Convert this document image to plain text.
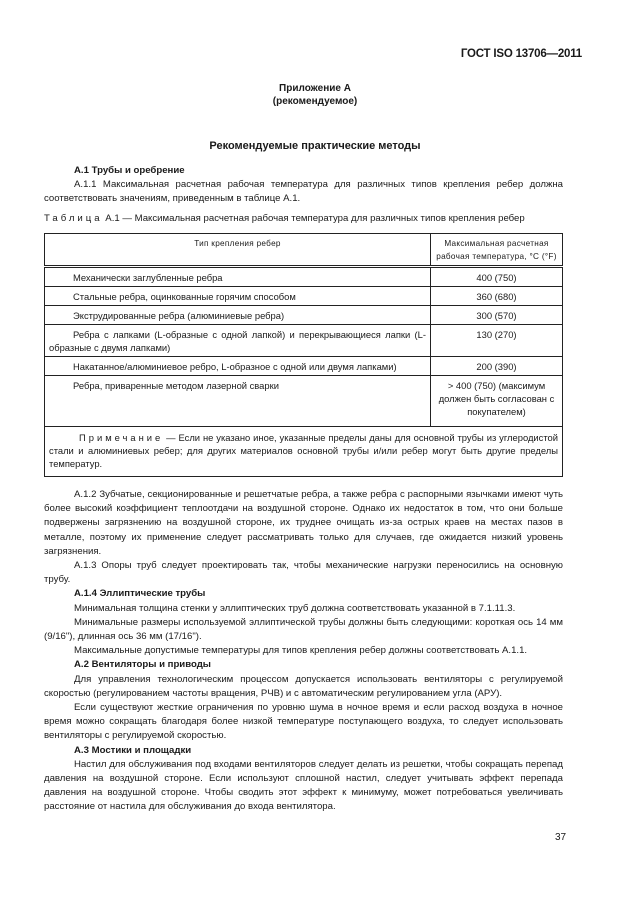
ГОСТ ISO 13706—2011
Приложение А
(рекомендуемое)
Рекомендуемые практические методы

А.1 Трубы и оребрение

А.1.1 Максимальная расчетная рабочая температура для различных типов крепления ребер должна соответствовать значениям, приведенным в таблице А.1.

Таблица А.1 — Максимальная расчетная рабочая температура для различных типов крепления ребер
Тип крепления ребер	Максимальная расчетная рабочая температура, °С (°F)
Механически заглубленные ребра	400 (750)
Стальные ребра, оцинкованные горячим способом	360 (680)
Экструдированные ребра (алюминиевые ребра)	300 (570)
Ребра с лапками (L-образные с одной лапкой) и перекрывающиеся лапки (L-образные с двумя лапками)	130 (270)
Накатанное/алюминиевое ребро, L-образное с одной или двумя лапками)	200 (390)
Ребра, приваренные методом лазерной сварки	> 400 (750) (максимум должен быть согласован с покупателем)
Примечание — Если не указано иное, указанные пределы даны для основной трубы из углеродистой стали и алюминиевых ребер; для других материалов основной трубы и/или ребер могут быть другие пределы температур.	

А.1.2 Зубчатые, секционированные и решетчатые ребра, а также ребра с распорными язычками имеют чуть более высокий коэффициент теплоотдачи на воздушной стороне. Однако их недостаток в том, что они больше подвержены загрязнению на воздушной стороне, их труднее очищать из-за острых краев на местах пазов в металле, поэтому их применение следует рассматривать только для случаев, где ожидается низкий уровень загрязнения.

А.1.3 Опоры труб следует проектировать так, чтобы механические нагрузки переносились на основную трубу.

А.1.4 Эллиптические трубы

Минимальная толщина стенки у эллиптических труб должна соответствовать указанной в 7.1.11.3.

Минимальные размеры используемой эллиптической трубы должны быть следующими: короткая ось 14 мм (9/16"), длинная ось 36 мм (17/16").

Максимальные допустимые температуры для типов крепления ребер должны соответствовать А.1.1.

А.2 Вентиляторы и приводы

Для управления технологическим процессом допускается использовать вентиляторы с регулируемой скоростью (регулированием частоты вращения, РЧВ) и с автоматическим регулированием угла (АРУ).

Если существуют жесткие ограничения по уровню шума в ночное время и если расход воздуха в ночное время можно сокращать благодаря более низкой температуре поступающего воздуха, то следует использовать вентиляторы с регулируемой скоростью.

А.3 Мостики и площадки

Настил для обслуживания под входами вентиляторов следует делать из решетки, чтобы сокращать перепад давления на воздушной стороне. Если используют сплошной настил, следует учитывать эффект перепада давления на воздушной стороне. Чтобы сводить этот эффект к минимуму, может потребоваться увеличивать расстояние от настила для обслуживания до входа вентилятора.

37
